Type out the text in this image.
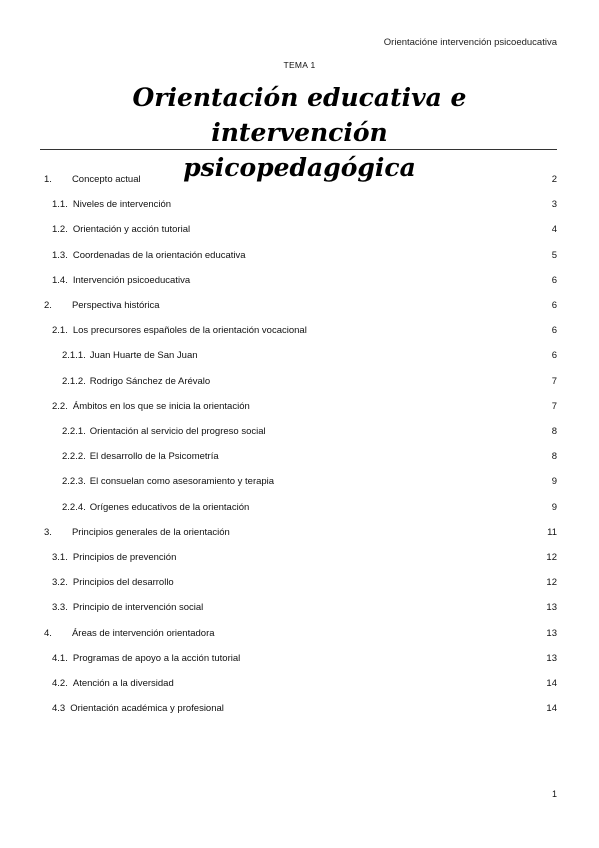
Orientacióne intervención psicoeducativa
TEMA 1
Orientación educativa e intervención
psicopedagógica
1. Concepto actual	2
1.1. Niveles de intervención	3
1.2. Orientación y acción tutorial	4
1.3. Coordenadas de la orientación educativa	5
1.4. Intervención psicoeducativa	6
2. Perspectiva histórica	6
2.1. Los precursores españoles de la orientación vocacional	6
2.1.1. Juan Huarte de San Juan	6
2.1.2. Rodrigo Sánchez de Arévalo	7
2.2. Ámbitos en los que se inicia la orientación	7
2.2.1. Orientación al servicio del progreso social	8
2.2.2. El desarrollo de la Psicometría	8
2.2.3. El consuelan como asesoramiento y terapia	9
2.2.4. Orígenes educativos de la orientación	9
3. Principios generales de la orientación	11
3.1. Principios de prevención	12
3.2. Principios del desarrollo	12
3.3. Principio de intervención social	13
4. Áreas de intervención orientadora	13
4.1. Programas de apoyo a la acción tutorial	13
4.2. Atención a la diversidad	14
4.3 Orientación académica y profesional	14
1
